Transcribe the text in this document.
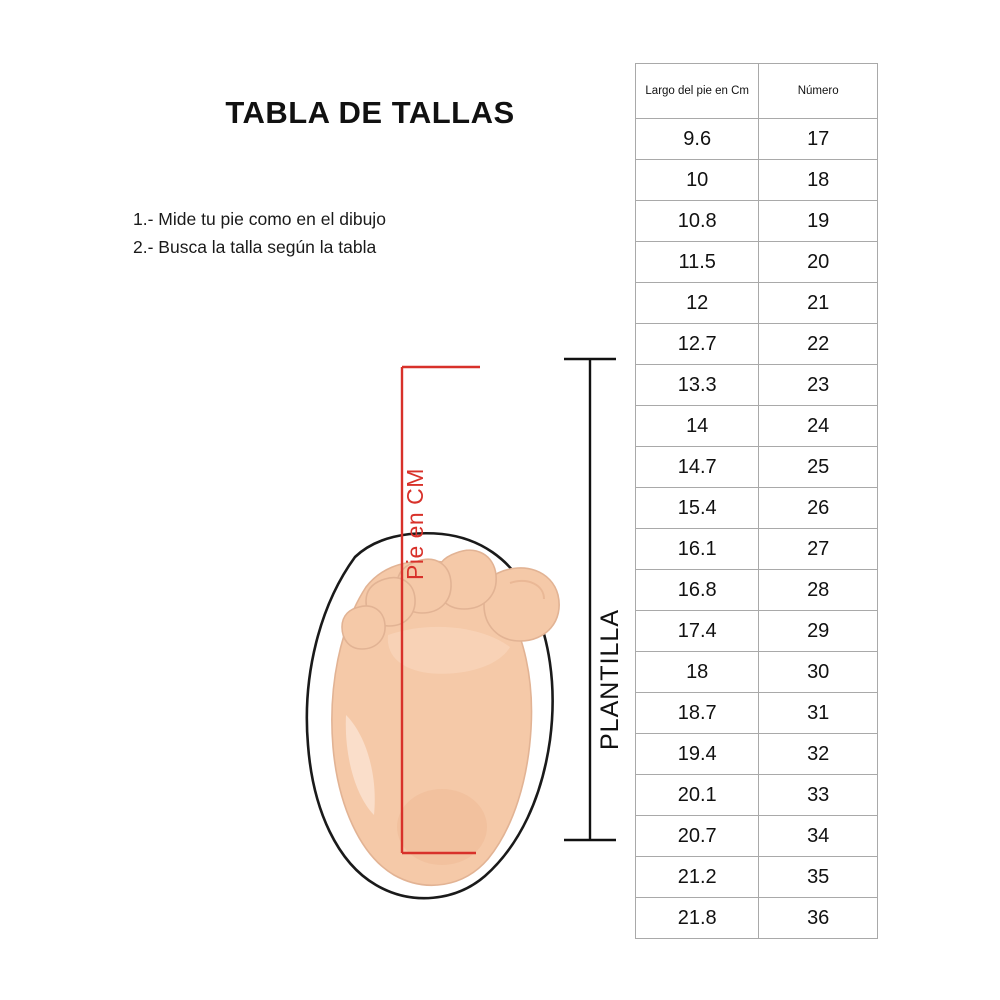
TABLA DE TALLAS
1.- Mide tu pie como en el dibujo
2.- Busca la talla según la tabla
Pie en CM
PLANTILLA
Largo del pie en Cm	Número
9.6	17
10	18
10.8	19
11.5	20
12	21
12.7	22
13.3	23
14	24
14.7	25
15.4	26
16.1	27
16.8	28
17.4	29
18	30
18.7	31
19.4	32
20.1	33
20.7	34
21.2	35
21.8	36
